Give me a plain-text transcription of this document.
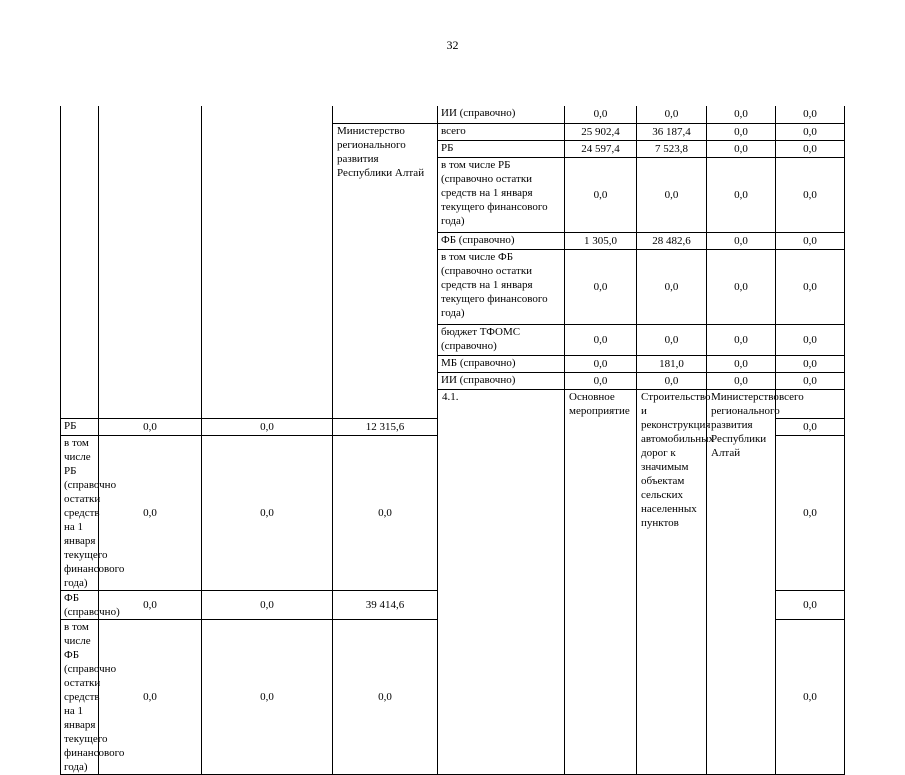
32
				ИИ (справочно)	0,0	0,0	0,0	0,0	
			Министерство регионального развития Республики Алтай	всего	25 902,4	36 187,4	0,0	0,0	
				РБ	24 597,4	7 523,8	0,0	0,0	
				в том числе РБ (справочно остатки средств на 1 января текущего финансового года)	0,0	0,0	0,0	0,0	
				ФБ (справочно)	1 305,0	28 482,6	0,0	0,0	
				в том числе ФБ (справочно остатки средств на 1 января текущего финансового года)	0,0	0,0	0,0	0,0	
				бюджет ТФОМС (справочно)	0,0	0,0	0,0	0,0	
				МБ (справочно)	0,0	181,0	0,0	0,0	
				ИИ (справочно)	0,0	0,0	0,0	0,0	
				4.1.	Основное мероприятие	Строительство и реконструкция автомобильных дорог к значимым объектам сельских населенных пунктов	Министерство регионального развития Республики Алтай	всего				
РБ	0,0	0,0	12 315,6					0,0	
в том числе РБ (справочно остатки средств на 1 января текущего финансового года)	0,0	0,0	0,0					0,0	
ФБ (справочно)	0,0	0,0	39 414,6					0,0	
в том числе ФБ (справочно остатки средств на 1 января текущего финансового года)	0,0	0,0	0,0					0,0	
